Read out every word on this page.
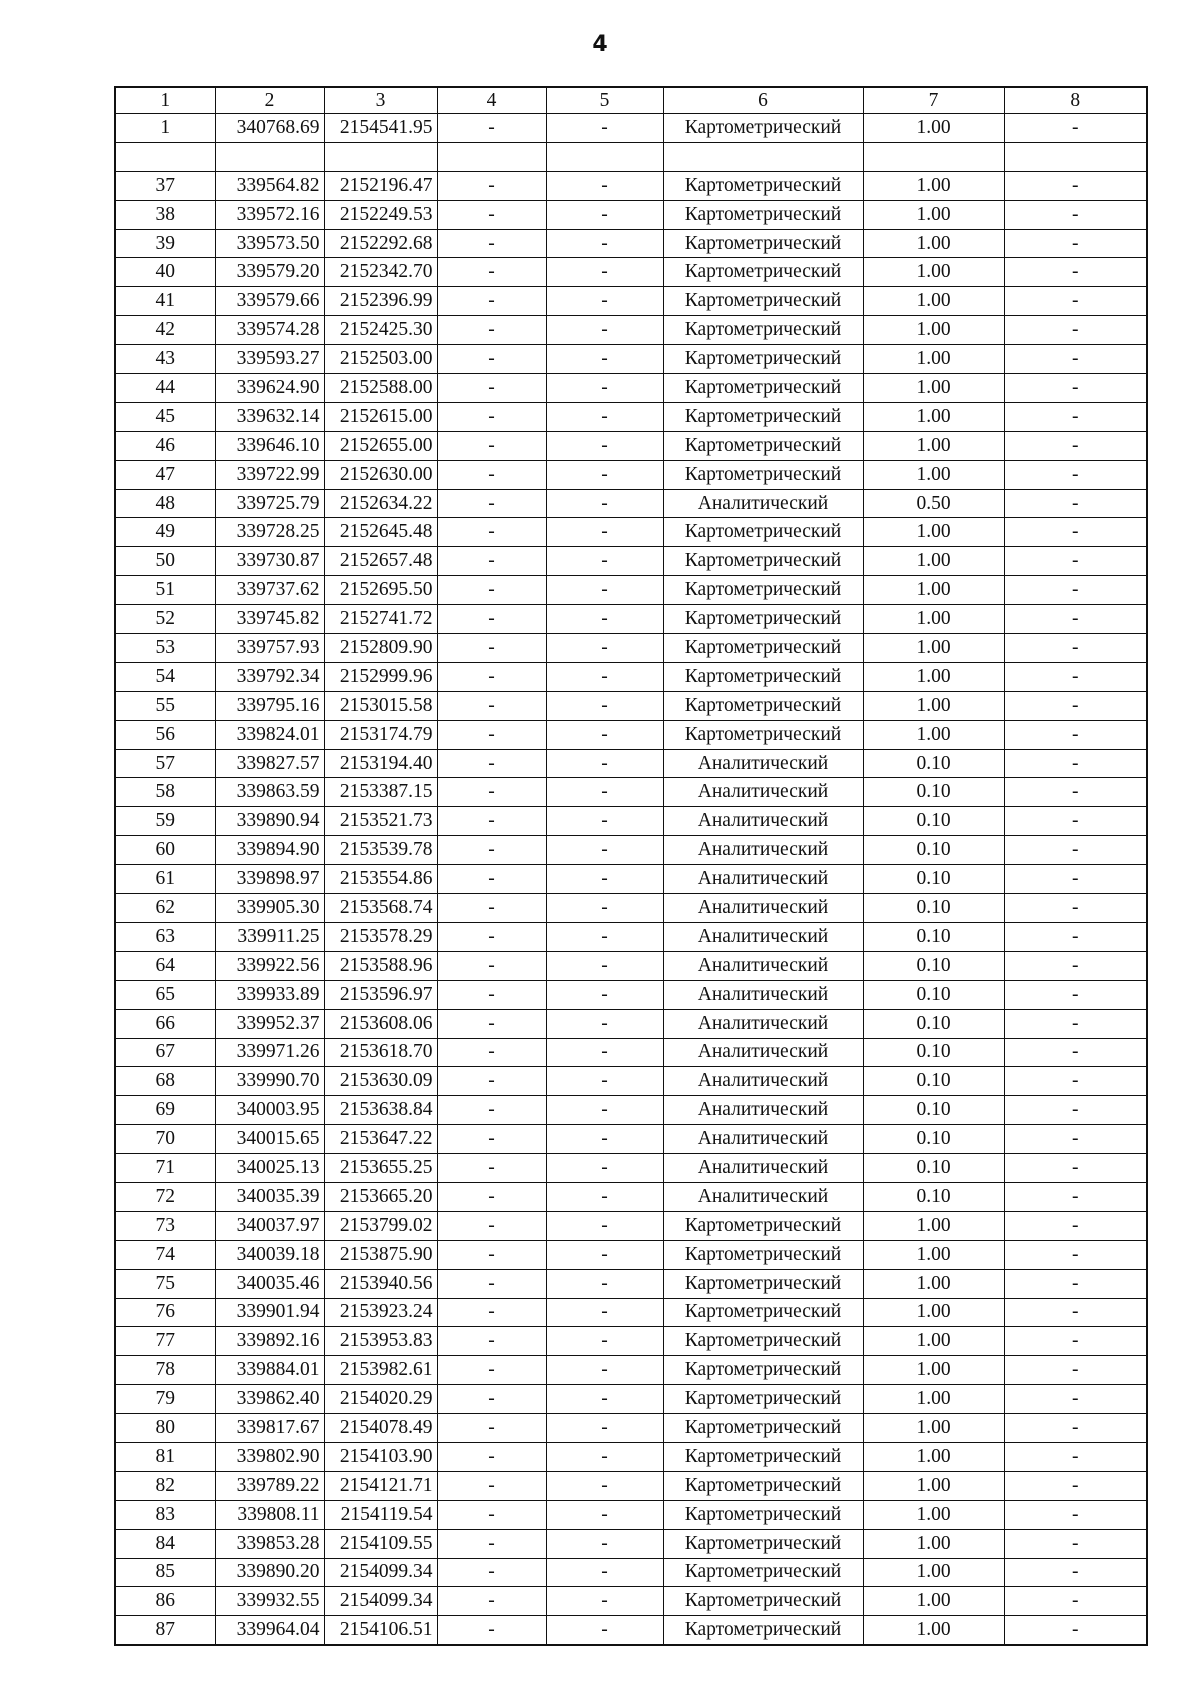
4
1	2	3	4	5	6	7	8
1	340768.69	2154541.95	-	-	Картометрический	1.00	-

37	339564.82	2152196.47	-	-	Картометрический	1.00	-
38	339572.16	2152249.53	-	-	Картометрический	1.00	-
39	339573.50	2152292.68	-	-	Картометрический	1.00	-
40	339579.20	2152342.70	-	-	Картометрический	1.00	-
41	339579.66	2152396.99	-	-	Картометрический	1.00	-
42	339574.28	2152425.30	-	-	Картометрический	1.00	-
43	339593.27	2152503.00	-	-	Картометрический	1.00	-
44	339624.90	2152588.00	-	-	Картометрический	1.00	-
45	339632.14	2152615.00	-	-	Картометрический	1.00	-
46	339646.10	2152655.00	-	-	Картометрический	1.00	-
47	339722.99	2152630.00	-	-	Картометрический	1.00	-
48	339725.79	2152634.22	-	-	Аналитический	0.50	-
49	339728.25	2152645.48	-	-	Картометрический	1.00	-
50	339730.87	2152657.48	-	-	Картометрический	1.00	-
51	339737.62	2152695.50	-	-	Картометрический	1.00	-
52	339745.82	2152741.72	-	-	Картометрический	1.00	-
53	339757.93	2152809.90	-	-	Картометрический	1.00	-
54	339792.34	2152999.96	-	-	Картометрический	1.00	-
55	339795.16	2153015.58	-	-	Картометрический	1.00	-
56	339824.01	2153174.79	-	-	Картометрический	1.00	-
57	339827.57	2153194.40	-	-	Аналитический	0.10	-
58	339863.59	2153387.15	-	-	Аналитический	0.10	-
59	339890.94	2153521.73	-	-	Аналитический	0.10	-
60	339894.90	2153539.78	-	-	Аналитический	0.10	-
61	339898.97	2153554.86	-	-	Аналитический	0.10	-
62	339905.30	2153568.74	-	-	Аналитический	0.10	-
63	339911.25	2153578.29	-	-	Аналитический	0.10	-
64	339922.56	2153588.96	-	-	Аналитический	0.10	-
65	339933.89	2153596.97	-	-	Аналитический	0.10	-
66	339952.37	2153608.06	-	-	Аналитический	0.10	-
67	339971.26	2153618.70	-	-	Аналитический	0.10	-
68	339990.70	2153630.09	-	-	Аналитический	0.10	-
69	340003.95	2153638.84	-	-	Аналитический	0.10	-
70	340015.65	2153647.22	-	-	Аналитический	0.10	-
71	340025.13	2153655.25	-	-	Аналитический	0.10	-
72	340035.39	2153665.20	-	-	Аналитический	0.10	-
73	340037.97	2153799.02	-	-	Картометрический	1.00	-
74	340039.18	2153875.90	-	-	Картометрический	1.00	-
75	340035.46	2153940.56	-	-	Картометрический	1.00	-
76	339901.94	2153923.24	-	-	Картометрический	1.00	-
77	339892.16	2153953.83	-	-	Картометрический	1.00	-
78	339884.01	2153982.61	-	-	Картометрический	1.00	-
79	339862.40	2154020.29	-	-	Картометрический	1.00	-
80	339817.67	2154078.49	-	-	Картометрический	1.00	-
81	339802.90	2154103.90	-	-	Картометрический	1.00	-
82	339789.22	2154121.71	-	-	Картометрический	1.00	-
83	339808.11	2154119.54	-	-	Картометрический	1.00	-
84	339853.28	2154109.55	-	-	Картометрический	1.00	-
85	339890.20	2154099.34	-	-	Картометрический	1.00	-
86	339932.55	2154099.34	-	-	Картометрический	1.00	-
87	339964.04	2154106.51	-	-	Картометрический	1.00	-
